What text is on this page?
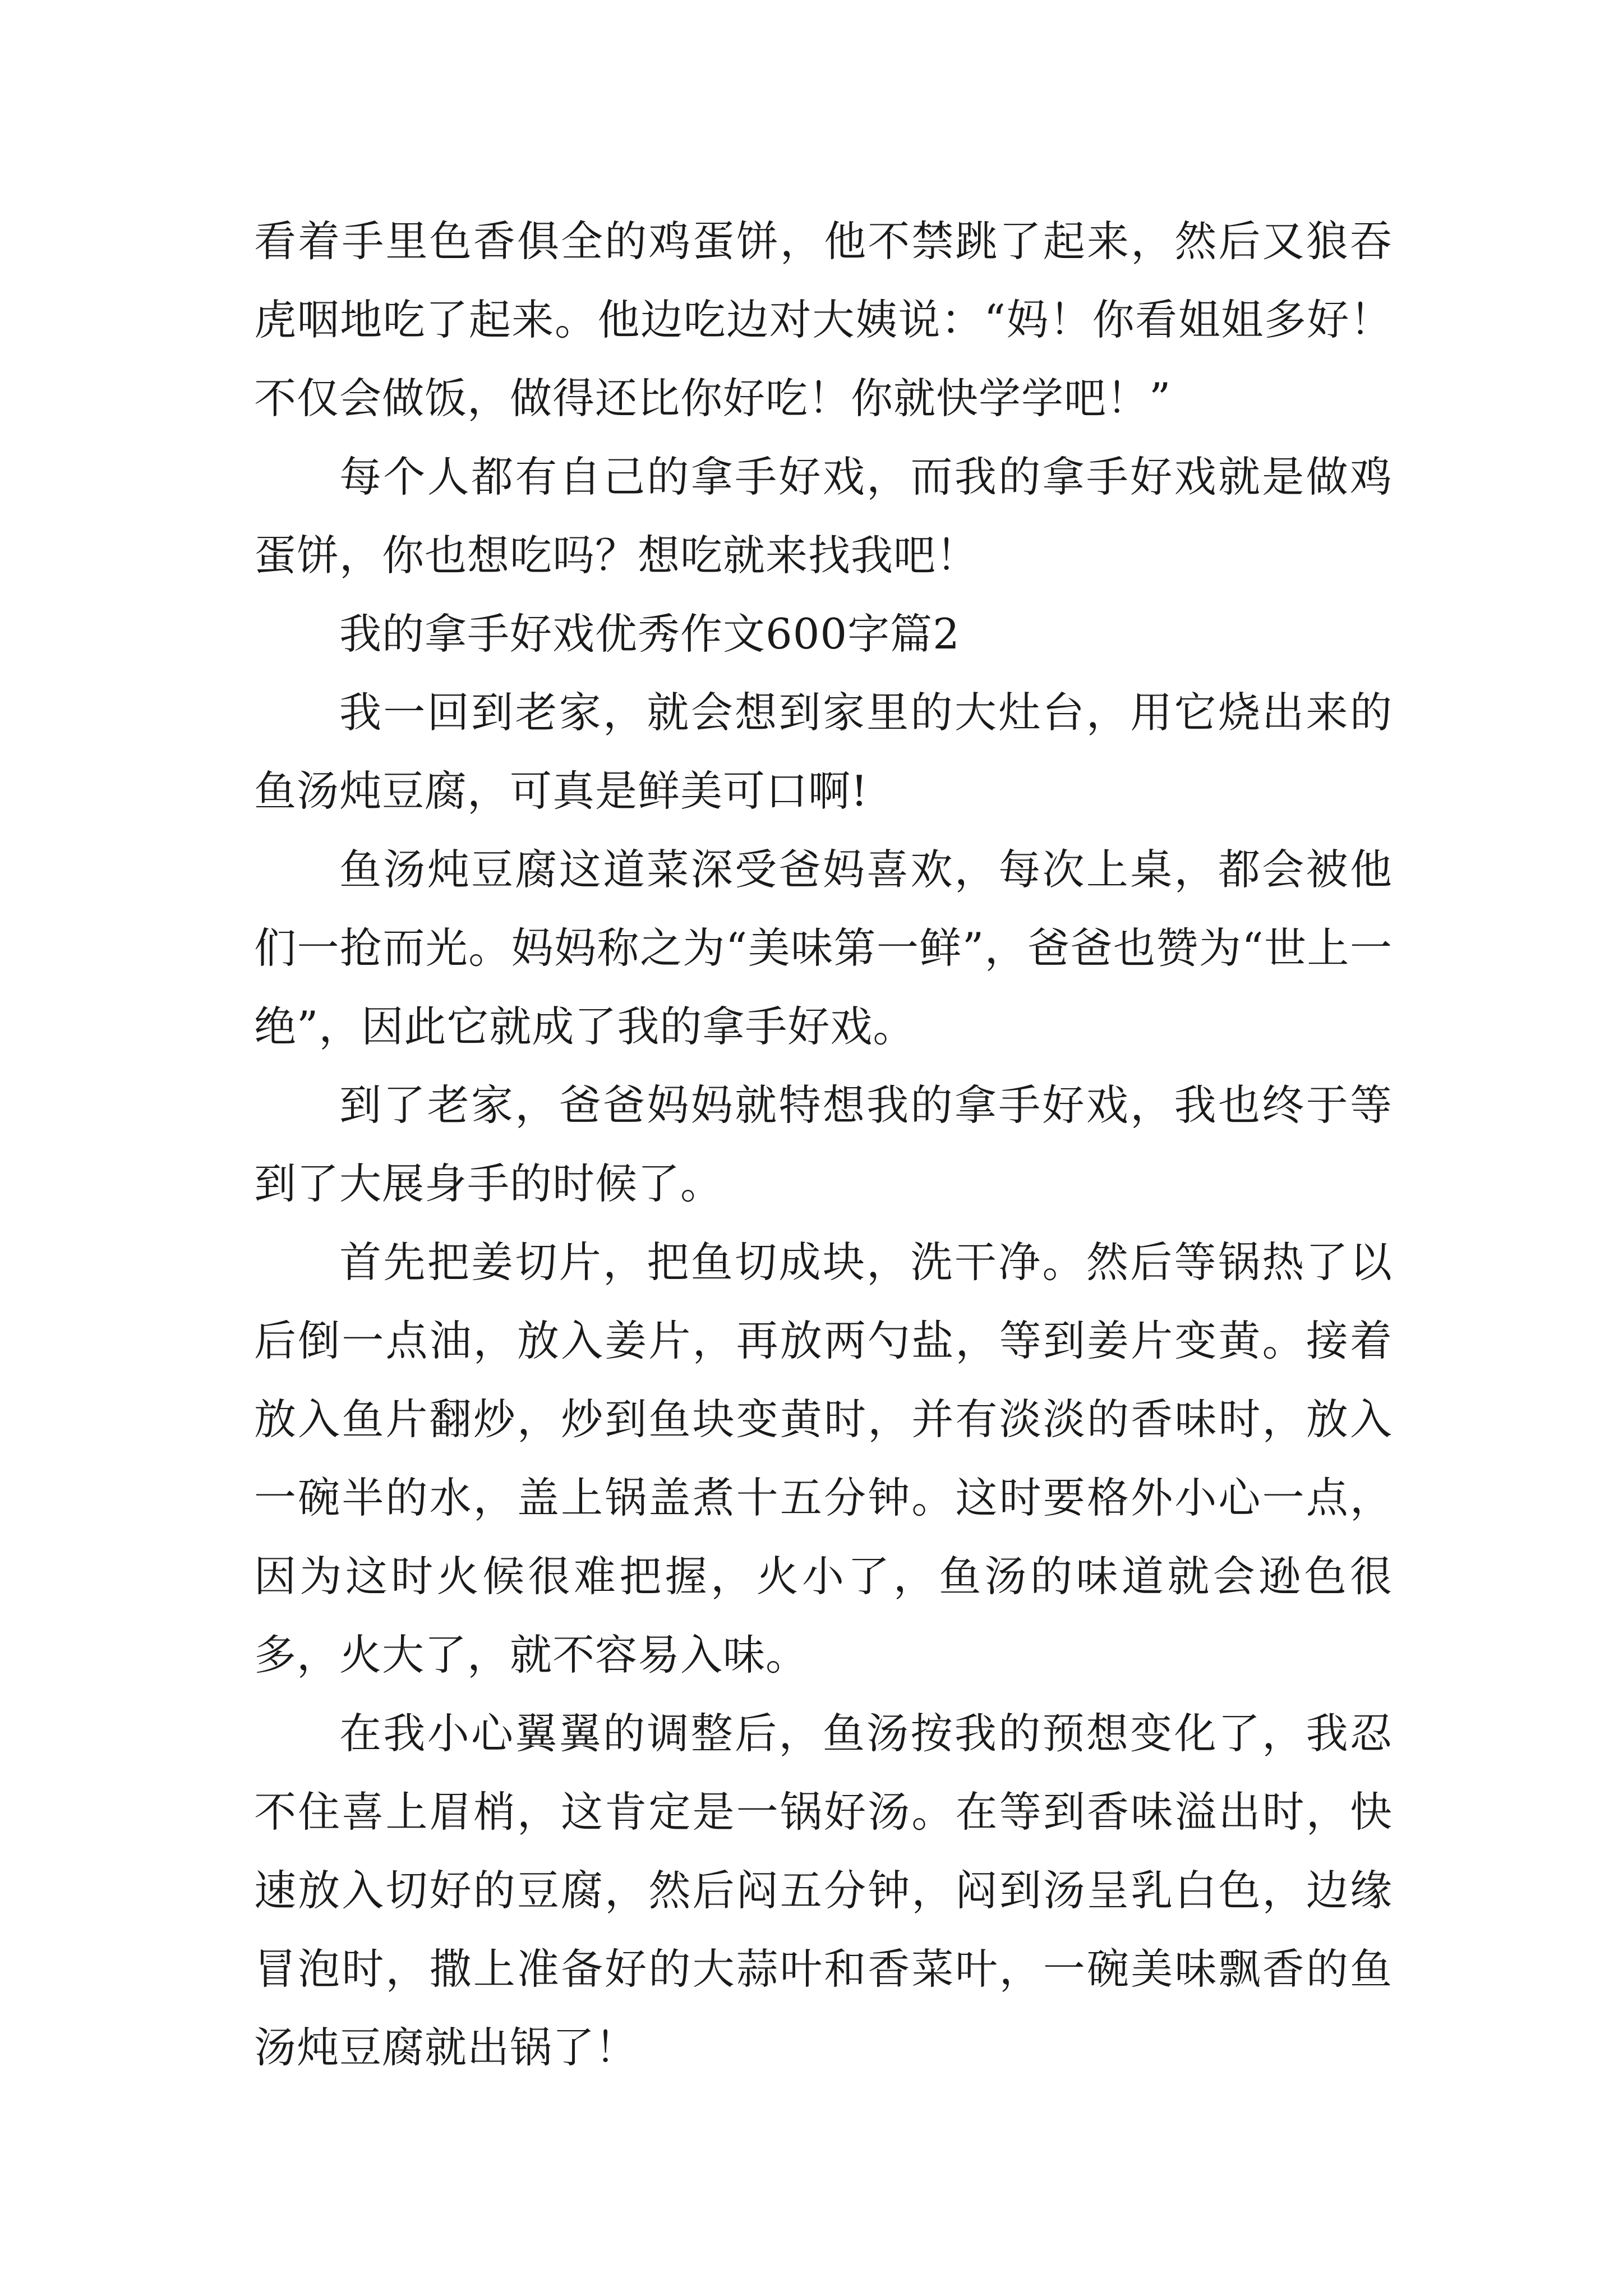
看着手里色香俱全的鸡蛋饼，他不禁跳了起来，然后又狼吞虎咽地吃了起来。他边吃边对大姨说：“妈！你看姐姐多好！不仅会做饭，做得还比你好吃！你就快学学吧！”

每个人都有自己的拿手好戏，而我的拿手好戏就是做鸡蛋饼，你也想吃吗？想吃就来找我吧！

我的拿手好戏优秀作文600字篇2

我一回到老家，就会想到家里的大灶台，用它烧出来的鱼汤炖豆腐，可真是鲜美可口啊!

鱼汤炖豆腐这道菜深受爸妈喜欢，每次上桌，都会被他们一抢而光。妈妈称之为“美味第一鲜”，爸爸也赞为“世上一绝”，因此它就成了我的拿手好戏。

到了老家，爸爸妈妈就特想我的拿手好戏，我也终于等到了大展身手的时候了。

首先把姜切片，把鱼切成块，洗干净。然后等锅热了以后倒一点油，放入姜片，再放两勺盐，等到姜片变黄。接着放入鱼片翻炒，炒到鱼块变黄时，并有淡淡的香味时，放入一碗半的水，盖上锅盖煮十五分钟。这时要格外小心一点，因为这时火候很难把握，火小了，鱼汤的味道就会逊色很多，火大了，就不容易入味。

在我小心翼翼的调整后，鱼汤按我的预想变化了，我忍不住喜上眉梢，这肯定是一锅好汤。在等到香味溢出时，快速放入切好的豆腐，然后闷五分钟，闷到汤呈乳白色，边缘冒泡时，撒上准备好的大蒜叶和香菜叶，一碗美味飘香的鱼汤炖豆腐就出锅了！
